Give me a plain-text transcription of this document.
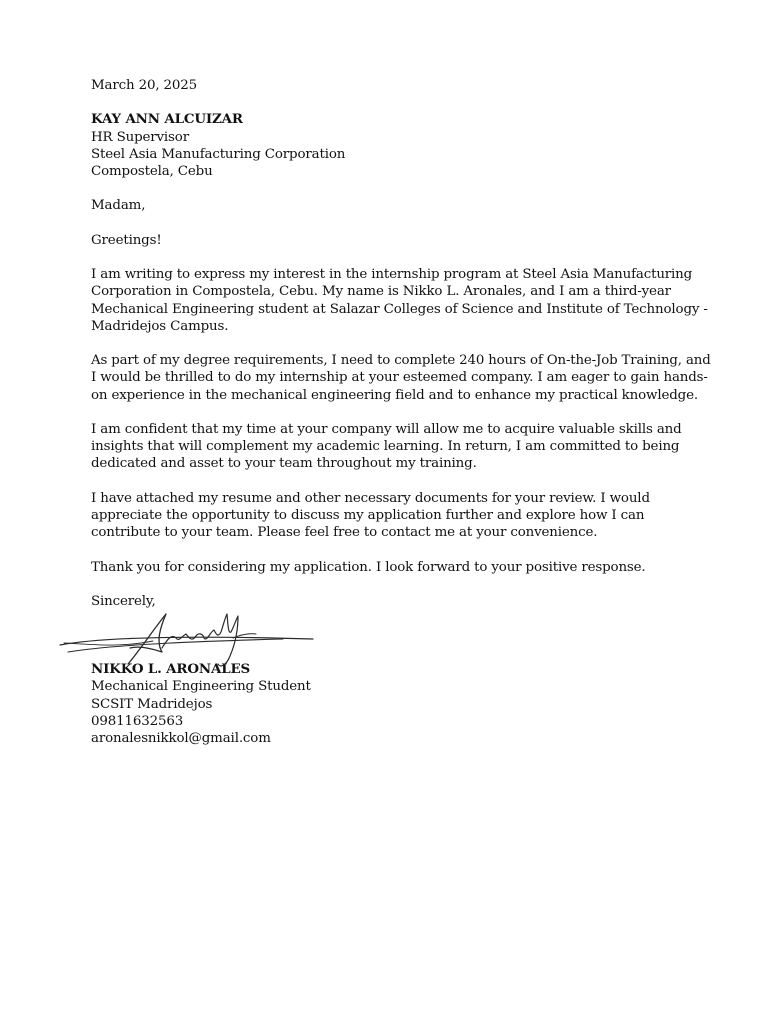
March 20, 2025
KAY ANN ALCUIZAR
HR Supervisor
Steel Asia Manufacturing Corporation
Compostela, Cebu
Madam,
Greetings!
I am writing to express my interest in the internship program at Steel Asia Manufacturing
Corporation in Compostela, Cebu. My name is Nikko L. Aronales, and I am a third-year
Mechanical Engineering student at Salazar Colleges of Science and Institute of Technology -
Madridejos Campus.
As part of my degree requirements, I need to complete 240 hours of On-the-Job Training, and
I would be thrilled to do my internship at your esteemed company. I am eager to gain hands-
on experience in the mechanical engineering field and to enhance my practical knowledge.
I am confident that my time at your company will allow me to acquire valuable skills and
insights that will complement my academic learning. In return, I am committed to being
dedicated and asset to your team throughout my training.
I have attached my resume and other necessary documents for your review. I would
appreciate the opportunity to discuss my application further and explore how I can
contribute to your team. Please feel free to contact me at your convenience.
Thank you for considering my application. I look forward to your positive response.
Sincerely,
NIKKO L. ARONALES
Mechanical Engineering Student
SCSIT Madridejos
09811632563
aronalesnikkol@gmail.com
